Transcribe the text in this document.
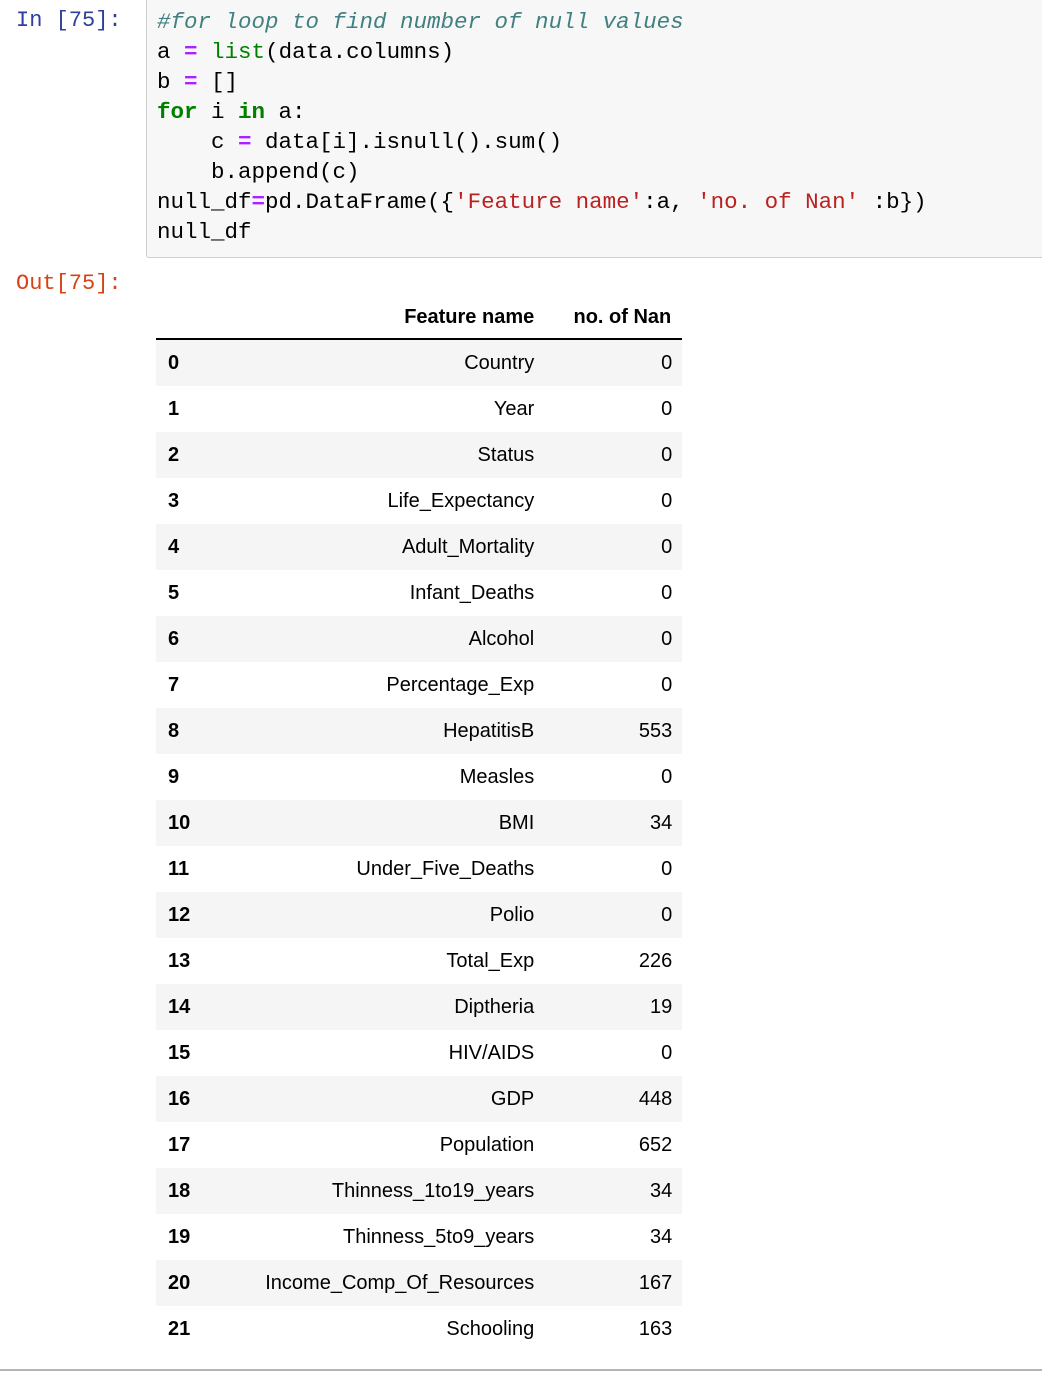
In [75]:	#for loop to find number of null values
a = list(data.columns)
b = []
for i in a:
c = data[i].isnull().sum()
b.append(c)
null_df=pd.DataFrame({'Feature name':a, 'no. of Nan' :b})
null_df
Out[75]:
	Feature name	no. of Nan
0	Country	0
1	Year	0
2	Status	0
3	Life_Expectancy	0
4	Adult_Mortality	0
5	Infant_Deaths	0
6	Alcohol	0
7	Percentage_Exp	0
8	HepatitisB	553
9	Measles	0
10	BMI	34
11	Under_Five_Deaths	0
12	Polio	0
13	Total_Exp	226
14	Diptheria	19
15	HIV/AIDS	0
16	GDP	448
17	Population	652
18	Thinness_1to19_years	34
19	Thinness_5to9_years	34
20	Income_Comp_Of_Resources	167
21	Schooling	163
